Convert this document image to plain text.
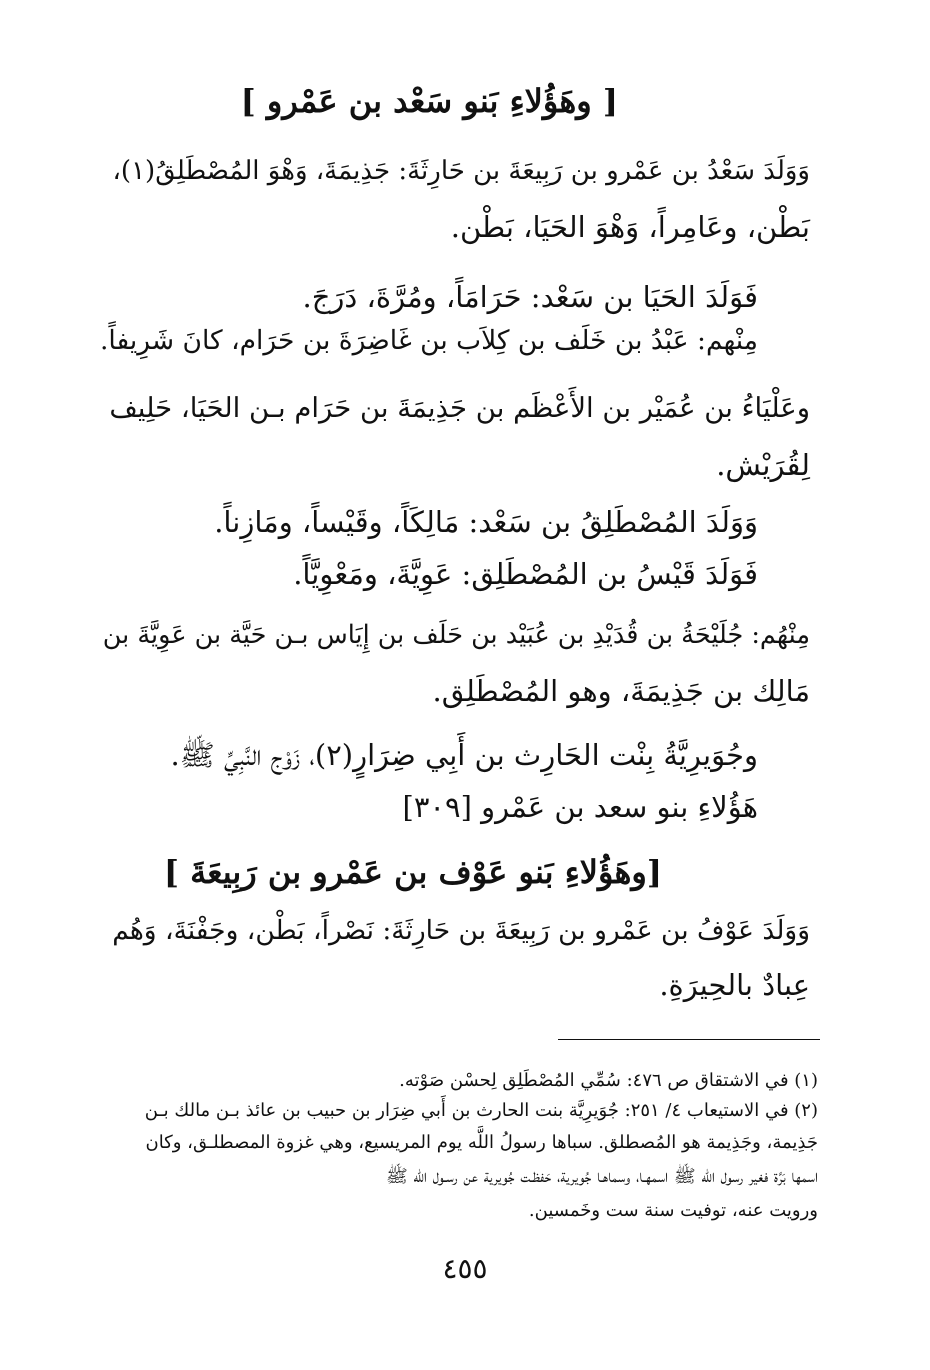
[ وهَؤُلاءِ بَنو سَعْد بن عَمْرو ]
وَوَلَدَ سَعْدُ بن عَمْرو بن رَبِيعَةَ بن حَارِثَةَ: جَذِيمَةَ، وَهْوَ المُصْطَلِقُ(١)،
بَطْن، وعَامِراً، وَهْوَ الحَيَا، بَطْن.
فَوَلَدَ الحَيَا بن سَعْد: حَرَامَاً، ومُرَّةَ، دَرَجَ.
مِنْهم: عَبْدُ بن خَلَف بن كِلاَب بن غَاضِرَةَ بن حَرَام، كانَ شَرِيفاً.
وعَلْيَاءُ بن عُمَيْر بن الأَعْظَم بن جَذِيمَةَ بن حَرَام بـن الحَيَا، حَلِيف
لِقُرَيْش.
وَوَلَدَ المُصْطَلِقُ بن سَعْد: مَالِكَاً، وقَيْساً، ومَازِناً.
فَوَلَدَ قَيْسُ بن المُصْطَلِق: عَوِيَّةَ، ومَعْوِيَّاً.
مِنْهُم: جُلَيْحَةُ بن قُدَيْدِ بن عُبَيْد بن حَلَف بن إِيَاس بـن حَيَّة بن عَوِيَّةَ بن
مَالِك بن جَذِيمَةَ، وهو المُصْطَلِق.
وجُوَيرِيَّةُ بِنْت الحَارِث بن أَبِي ضِرَارٍ(٢)، زَوْج النَّبِيِّ ﷺ.
هَؤُلاءِ بنو سعد بن عَمْرو [٣٠٩]
[وهَؤُلاءِ بَنو عَوْف بن عَمْرو بن رَبِيعَةَ ]
وَوَلَدَ عَوْفُ بن عَمْرو بن رَبِيعَةَ بن حَارِثَةَ: نَصْراً، بَطْن، وجَفْنَةَ، وَهُم
عِبادٌ بالحِيرَةِ.
(١) في الاشتقاق ص ٤٧٦: سُمِّي المُصْطَلِق لِحسْن صَوْته.
(٢) في الاستيعاب ٤/ ٢٥١: جُوَيرِيَّة بنت الحارث بن أَبي ضِرَار بن حبيب بن عائذ بـن مالك بـن
جَذِيمة، وجَذِيمة هو المُصطلق. سباها رسولُ اللَّه يوم المريسيع، وهي غزوة المصطلـق، وكان
اسمها بَرَّة فغير رسول الله ﷺ اسمهـا، وسماهـا جُويرية، حَفظـت جُويرية عن رسـول الله ﷺ
ورويت عنه، توفيت سنة ست وخَمسين.
٤٥٥
